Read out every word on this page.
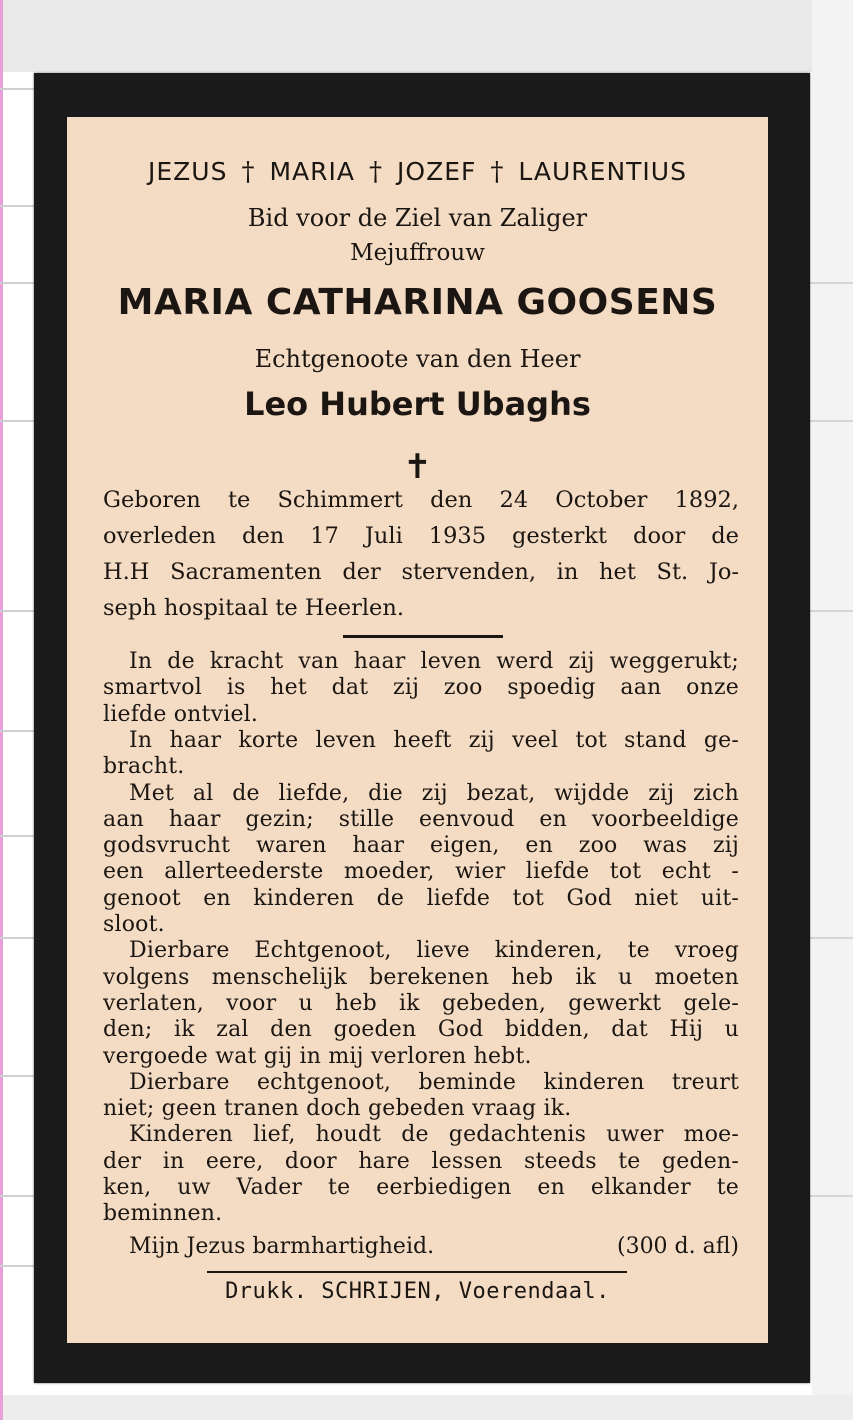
JEZUS † MARIA † JOZEF † LAURENTIUS
Bid voor de Ziel van Zaliger
Mejuffrouw
MARIA CATHARINA GOOSENS
Echtgenoote van den Heer
Leo Hubert Ubaghs
✝
Geboren te Schimmert den 24 October 1892,
overleden den 17 Juli 1935 gesterkt door de
H.H Sacramenten der stervenden, in het St. Jo-
seph hospitaal te Heerlen.
In de kracht van haar leven werd zij weggerukt;
smartvol is het dat zij zoo spoedig aan onze
liefde ontviel.
In haar korte leven heeft zij veel tot stand ge-
bracht.
Met al de liefde, die zij bezat, wijdde zij zich
aan haar gezin; stille eenvoud en voorbeeldige
godsvrucht waren haar eigen, en zoo was zij
een allerteederste moeder, wier liefde tot echt -
genoot en kinderen de liefde tot God niet uit-
sloot.
Dierbare Echtgenoot, lieve kinderen, te vroeg
volgens menschelijk berekenen heb ik u moeten
verlaten, voor u heb ik gebeden, gewerkt gele-
den; ik zal den goeden God bidden, dat Hij u
vergoede wat gij in mij verloren hebt.
Dierbare echtgenoot, beminde kinderen treurt
niet; geen tranen doch gebeden vraag ik.
Kinderen lief, houdt de gedachtenis uwer moe-
der in eere, door hare lessen steeds te geden-
ken, uw Vader te eerbiedigen en elkander te
beminnen.
Mijn Jezus barmhartigheid.	(300 d. afl)
Drukk. SCHRIJEN, Voerendaal.
